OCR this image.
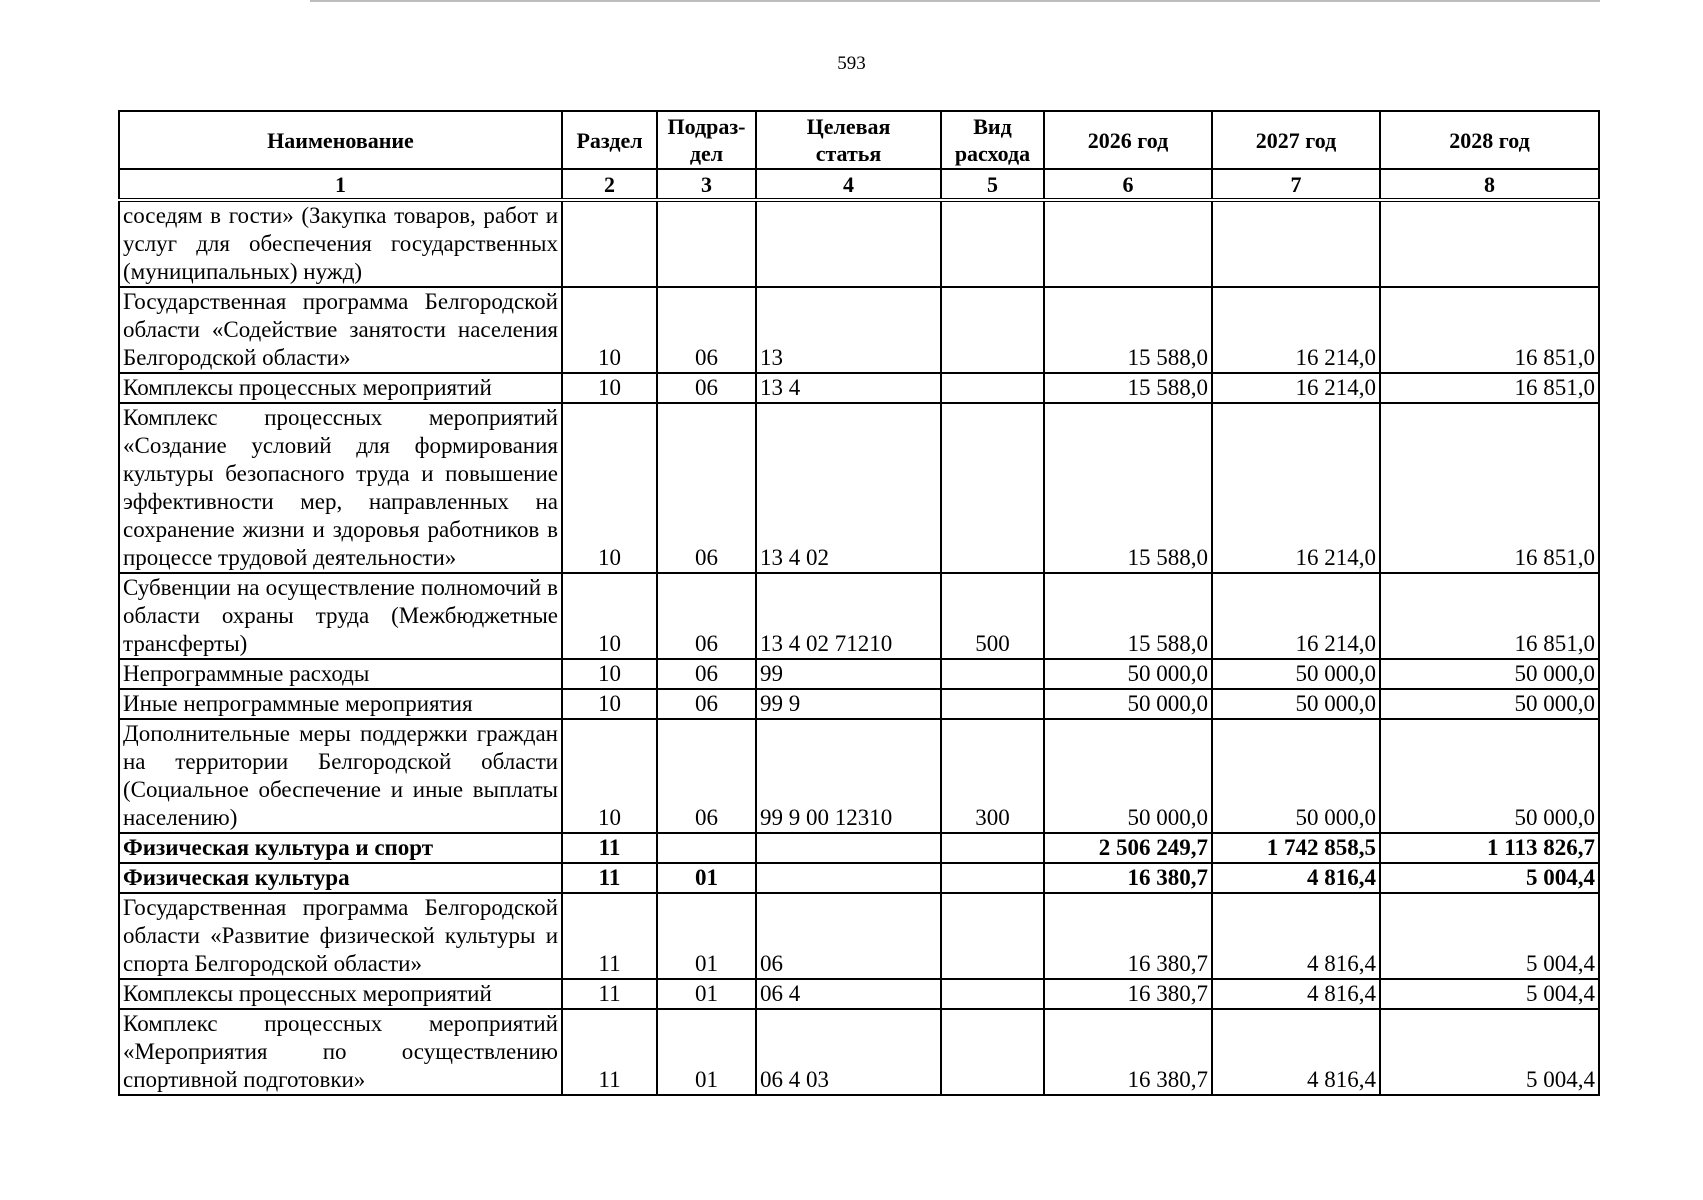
593
Наименование	Раздел	Подраз-дел	Целевая статья	Вид расхода	2026 год	2027 год	2028 год
1	2	3	4	5	6	7	8
соседям в гости» (Закупка товаров, работ и услуг для обеспечения государственных (муниципальных) нужд)							
Государственная программа Белгородской области «Содействие занятости населения Белгородской области»	10	06	13		15 588,0	16 214,0	16 851,0
Комплексы процессных мероприятий	10	06	13 4		15 588,0	16 214,0	16 851,0
Комплекс процессных мероприятий «Создание условий для формирования культуры безопасного труда и повышение эффективности мер, направленных на сохранение жизни и здоровья работников в процессе трудовой деятельности»	10	06	13 4 02		15 588,0	16 214,0	16 851,0
Субвенции на осуществление полномочий в области охраны труда (Межбюджетные трансферты)	10	06	13 4 02 71210	500	15 588,0	16 214,0	16 851,0
Непрограммные расходы	10	06	99		50 000,0	50 000,0	50 000,0
Иные непрограммные мероприятия	10	06	99 9		50 000,0	50 000,0	50 000,0
Дополнительные меры поддержки граждан на территории Белгородской области (Социальное обеспечение и иные выплаты населению)	10	06	99 9 00 12310	300	50 000,0	50 000,0	50 000,0
Физическая культура и спорт	11				2 506 249,7	1 742 858,5	1 113 826,7
Физическая культура	11	01			16 380,7	4 816,4	5 004,4
Государственная программа Белгородской области «Развитие физической культуры и спорта Белгородской области»	11	01	06		16 380,7	4 816,4	5 004,4
Комплексы процессных мероприятий	11	01	06 4		16 380,7	4 816,4	5 004,4
Комплекс процессных мероприятий «Мероприятия по осуществлению спортивной подготовки»	11	01	06 4 03		16 380,7	4 816,4	5 004,4
